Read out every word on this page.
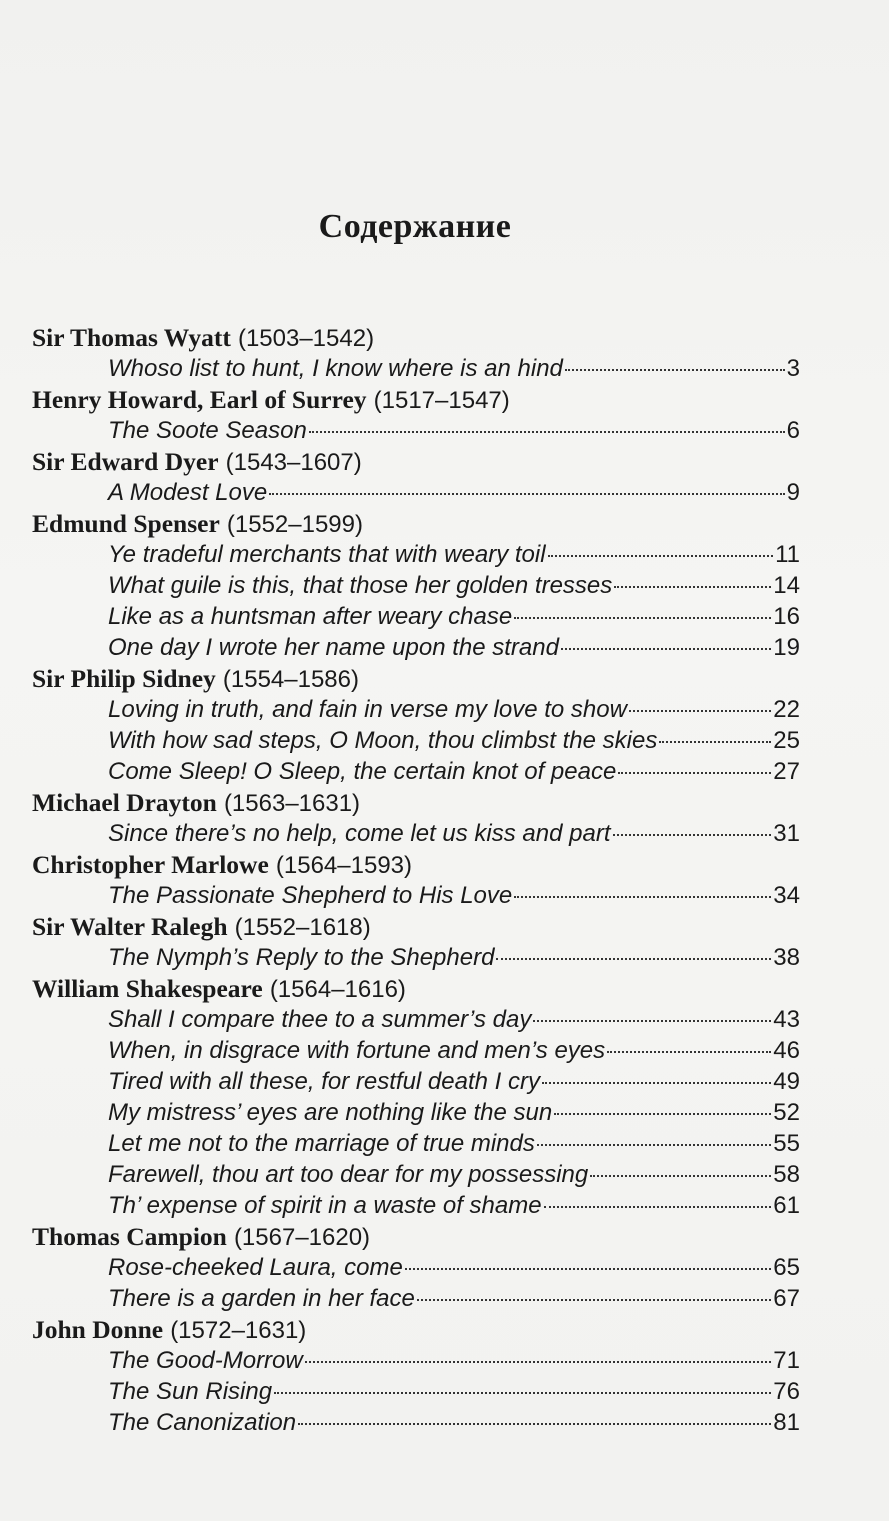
Содержание
Sir Thomas Wyatt (1503–1542)
Whoso list to hunt, I know where is an hind	3
Henry Howard, Earl of Surrey (1517–1547)
The Soote Season	6
Sir Edward Dyer (1543–1607)
A Modest Love	9
Edmund Spenser (1552–1599)
Ye tradeful merchants that with weary toil	11
What guile is this, that those her golden tresses	14
Like as a huntsman after weary chase	16
One day I wrote her name upon the strand	19
Sir Philip Sidney (1554–1586)
Loving in truth, and fain in verse my love to show	22
With how sad steps, O Moon, thou climbst the skies	25
Come Sleep! O Sleep, the certain knot of peace	27
Michael Drayton (1563–1631)
Since there’s no help, come let us kiss and part	31
Christopher Marlowe (1564–1593)
The Passionate Shepherd to His Love	34
Sir Walter Ralegh (1552–1618)
The Nymph’s Reply to the Shepherd	38
William Shakespeare (1564–1616)
Shall I compare thee to a summer’s day	43
When, in disgrace with fortune and men’s eyes	46
Tired with all these, for restful death I cry	49
My mistress’ eyes are nothing like the sun	52
Let me not to the marriage of true minds	55
Farewell, thou art too dear for my possessing	58
Th’ expense of spirit in a waste of shame	61
Thomas Campion (1567–1620)
Rose-cheeked Laura, come	65
There is a garden in her face	67
John Donne (1572–1631)
The Good-Morrow	71
The Sun Rising	76
The Canonization	81
